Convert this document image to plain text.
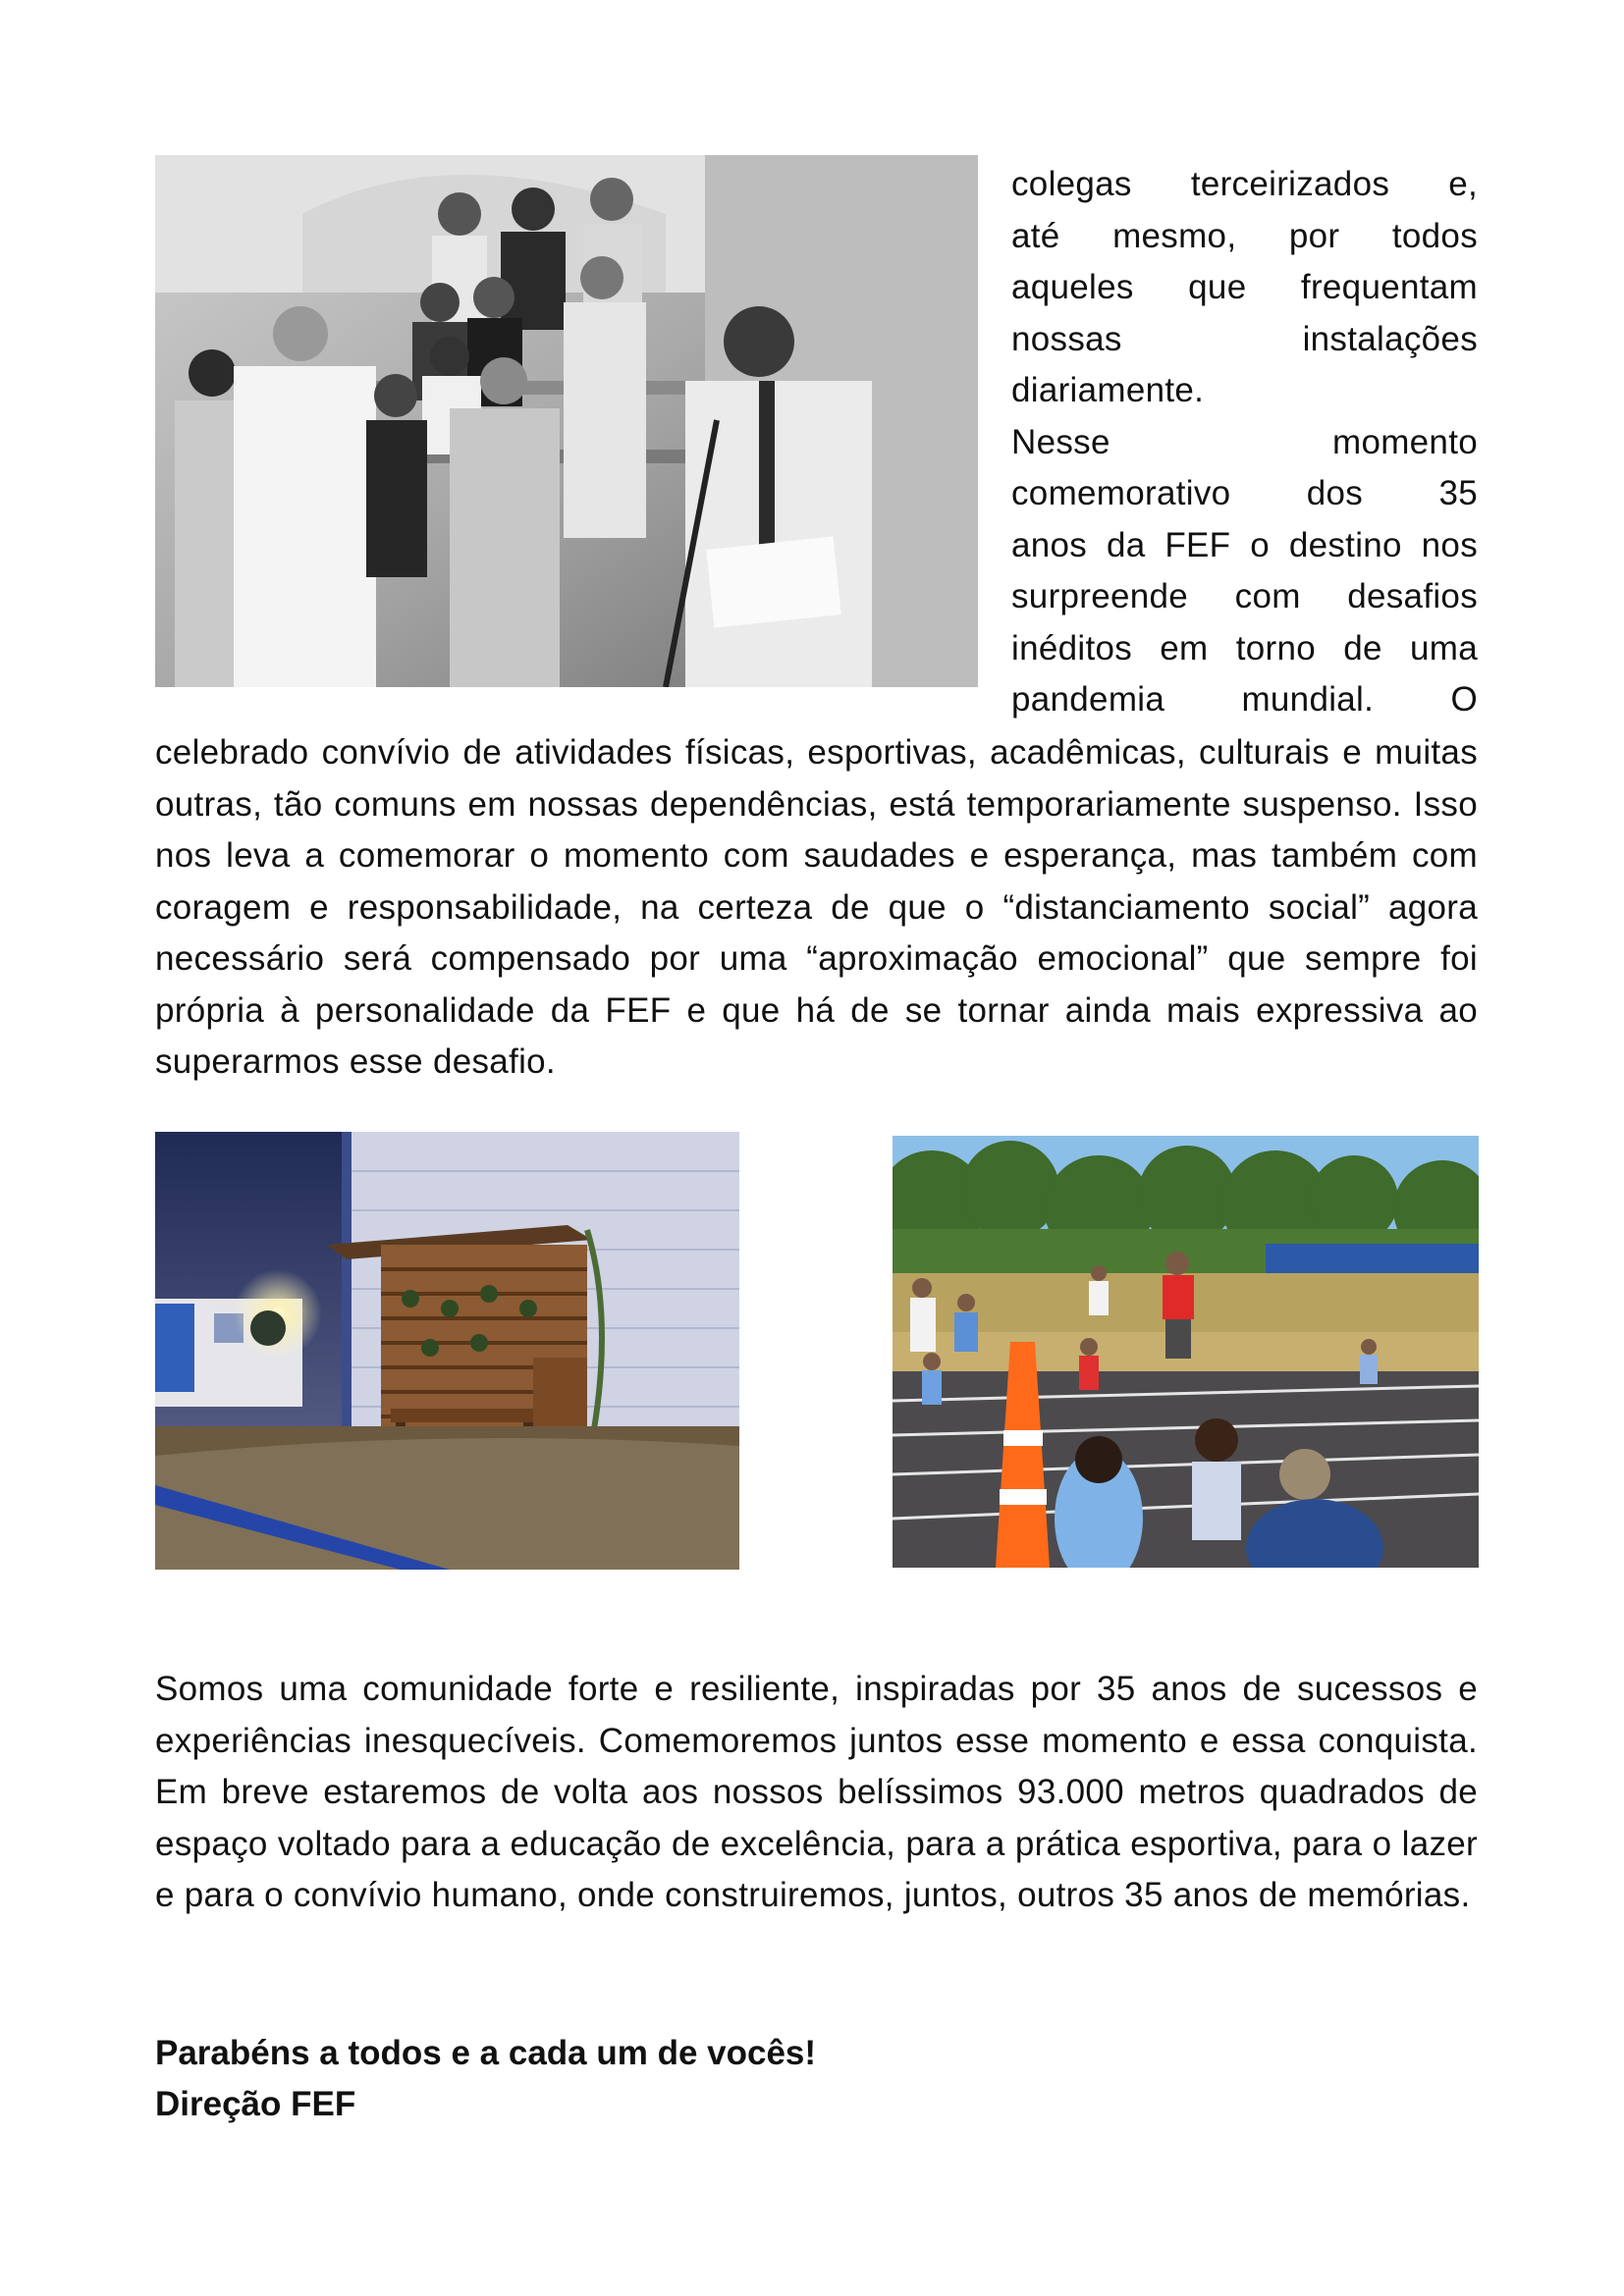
colegas terceirizados e,

até mesmo, por todos

aqueles que frequentam

nossas instalações

diariamente.

Nesse momento

comemorativo dos 35

anos da FEF o destino nos

surpreende com desafios

inéditos em torno de uma

pandemia mundial. O

celebrado convívio de atividades físicas, esportivas, acadêmicas, culturais e muitas outras, tão comuns em nossas dependências, está temporariamente suspenso. Isso nos leva a comemorar o momento com saudades e esperança, mas também com coragem e responsabilidade, na certeza de que o “distanciamento social” agora necessário será compensado por uma “aproximação emocional” que sempre foi própria à personalidade da FEF e que há de se tornar ainda mais expressiva ao superarmos esse desafio.

Somos uma comunidade forte e resiliente, inspiradas por 35 anos de sucessos e experiências inesquecíveis. Comemoremos juntos esse momento e essa conquista. Em breve estaremos de volta aos nossos belíssimos 93.000 metros quadrados de espaço voltado para a educação de excelência, para a prática esportiva, para o lazer e para o convívio humano, onde construiremos, juntos, outros 35 anos de memórias.

Parabéns a todos e a cada um de vocês!
Direção FEF
